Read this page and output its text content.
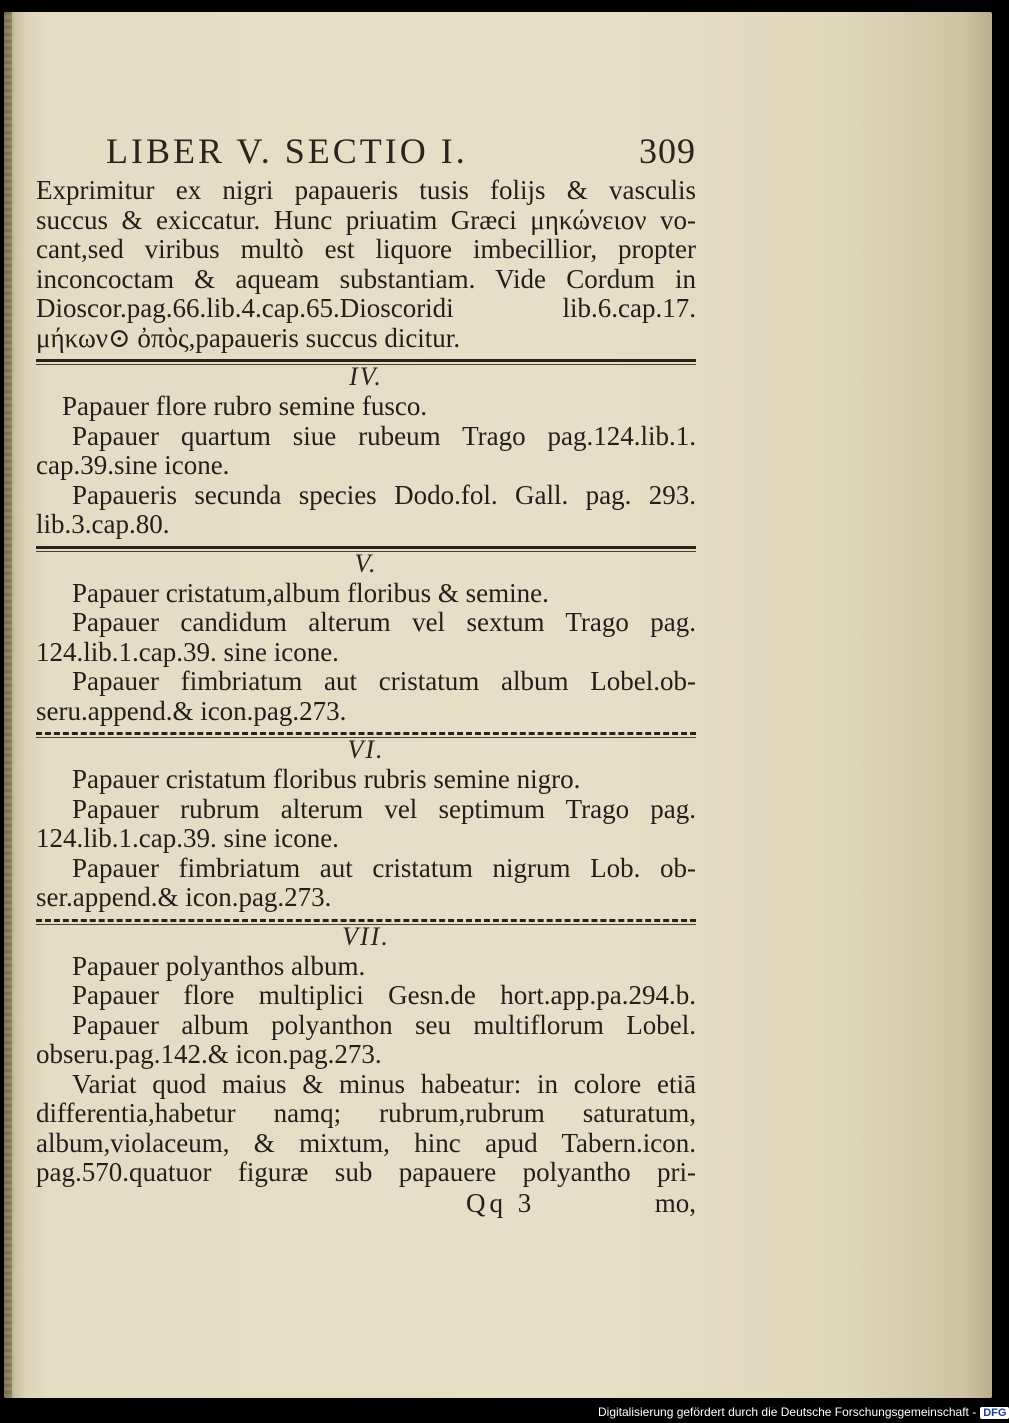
LIBER V. SECTIO I.	309
Exprimitur ex nigri papaueris tusis folijs & vasculis
succus & exiccatur. Hunc priuatim Græci μηκώνειον vo-
cant,sed viribus multò est liquore imbecillior, propter
inconcoctam & aqueam substantiam. Vide Cordum in
Dioscor.pag.66.lib.4.cap.65.Dioscoridi lib.6.cap.17.
μήκων⊙ ὀπὸς,papaueris succus dicitur.
IV.
Papauer flore rubro semine fusco.
Papauer quartum siue rubeum Trago pag.124.lib.1.
cap.39.sine icone.
Papaueris secunda species Dodo.fol. Gall. pag. 293.
lib.3.cap.80.
V.
Papauer cristatum,album floribus & semine.
Papauer candidum alterum vel sextum Trago pag.
124.lib.1.cap.39. sine icone.
Papauer fimbriatum aut cristatum album Lobel.ob-
seru.append.& icon.pag.273.
VI.
Papauer cristatum floribus rubris semine nigro.
Papauer rubrum alterum vel septimum Trago pag.
124.lib.1.cap.39. sine icone.
Papauer fimbriatum aut cristatum nigrum Lob. ob-
ser.append.& icon.pag.273.
VII.
Papauer polyanthos album.
Papauer flore multiplici Gesn.de hort.app.pa.294.b.
Papauer album polyanthon seu multiflorum Lobel.
obseru.pag.142.& icon.pag.273.
Variat quod maius & minus habeatur: in colore etiā
differentia,habetur namq; rubrum,rubrum saturatum,
album,violaceum, & mixtum, hinc apud Tabern.icon.
pag.570.quatuor figuræ sub papauere polyantho pri-
Qq 3	mo,
Digitalisierung gefördert durch die Deutsche Forschungsgemeinschaft - DFG
